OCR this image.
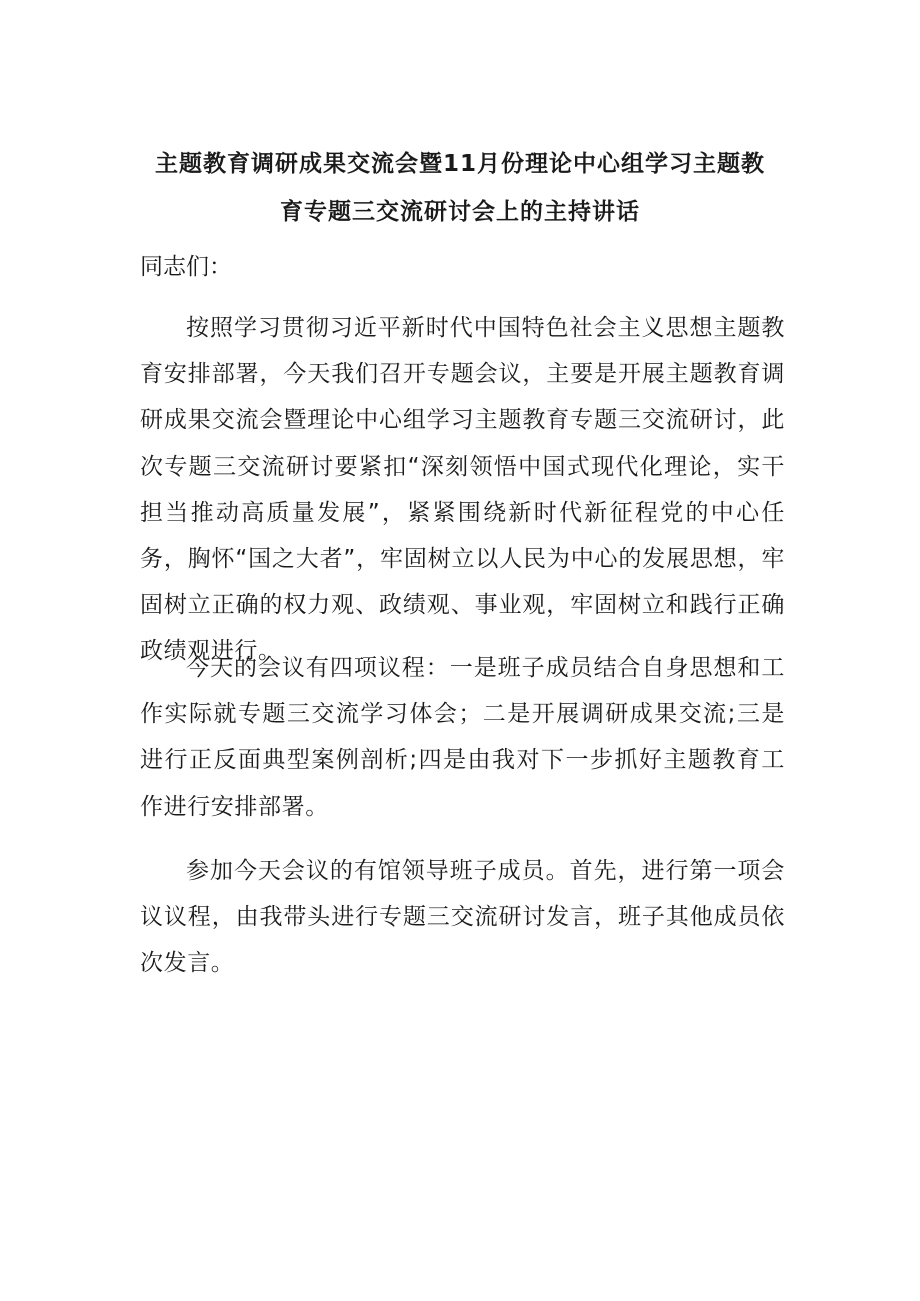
主题教育调研成果交流会暨11月份理论中心组学习主题教
育专题三交流研讨会上的主持讲话

同志们：

按照学习贯彻习近平新时代中国特色社会主义思想主题教育安排部署，今天我们召开专题会议，主要是开展主题教育调研成果交流会暨理论中心组学习主题教育专题三交流研讨，此次专题三交流研讨要紧扣“深刻领悟中国式现代化理论，实干担当推动高质量发展”，紧紧围绕新时代新征程党的中心任务，胸怀“国之大者”，牢固树立以人民为中心的发展思想，牢固树立正确的权力观、政绩观、事业观，牢固树立和践行正确政绩观进行。

今天的会议有四项议程：一是班子成员结合自身思想和工作实际就专题三交流学习体会；二是开展调研成果交流;三是进行正反面典型案例剖析;四是由我对下一步抓好主题教育工作进行安排部署。

参加今天会议的有馆领导班子成员。首先，进行第一项会议议程，由我带头进行专题三交流研讨发言，班子其他成员依次发言。
